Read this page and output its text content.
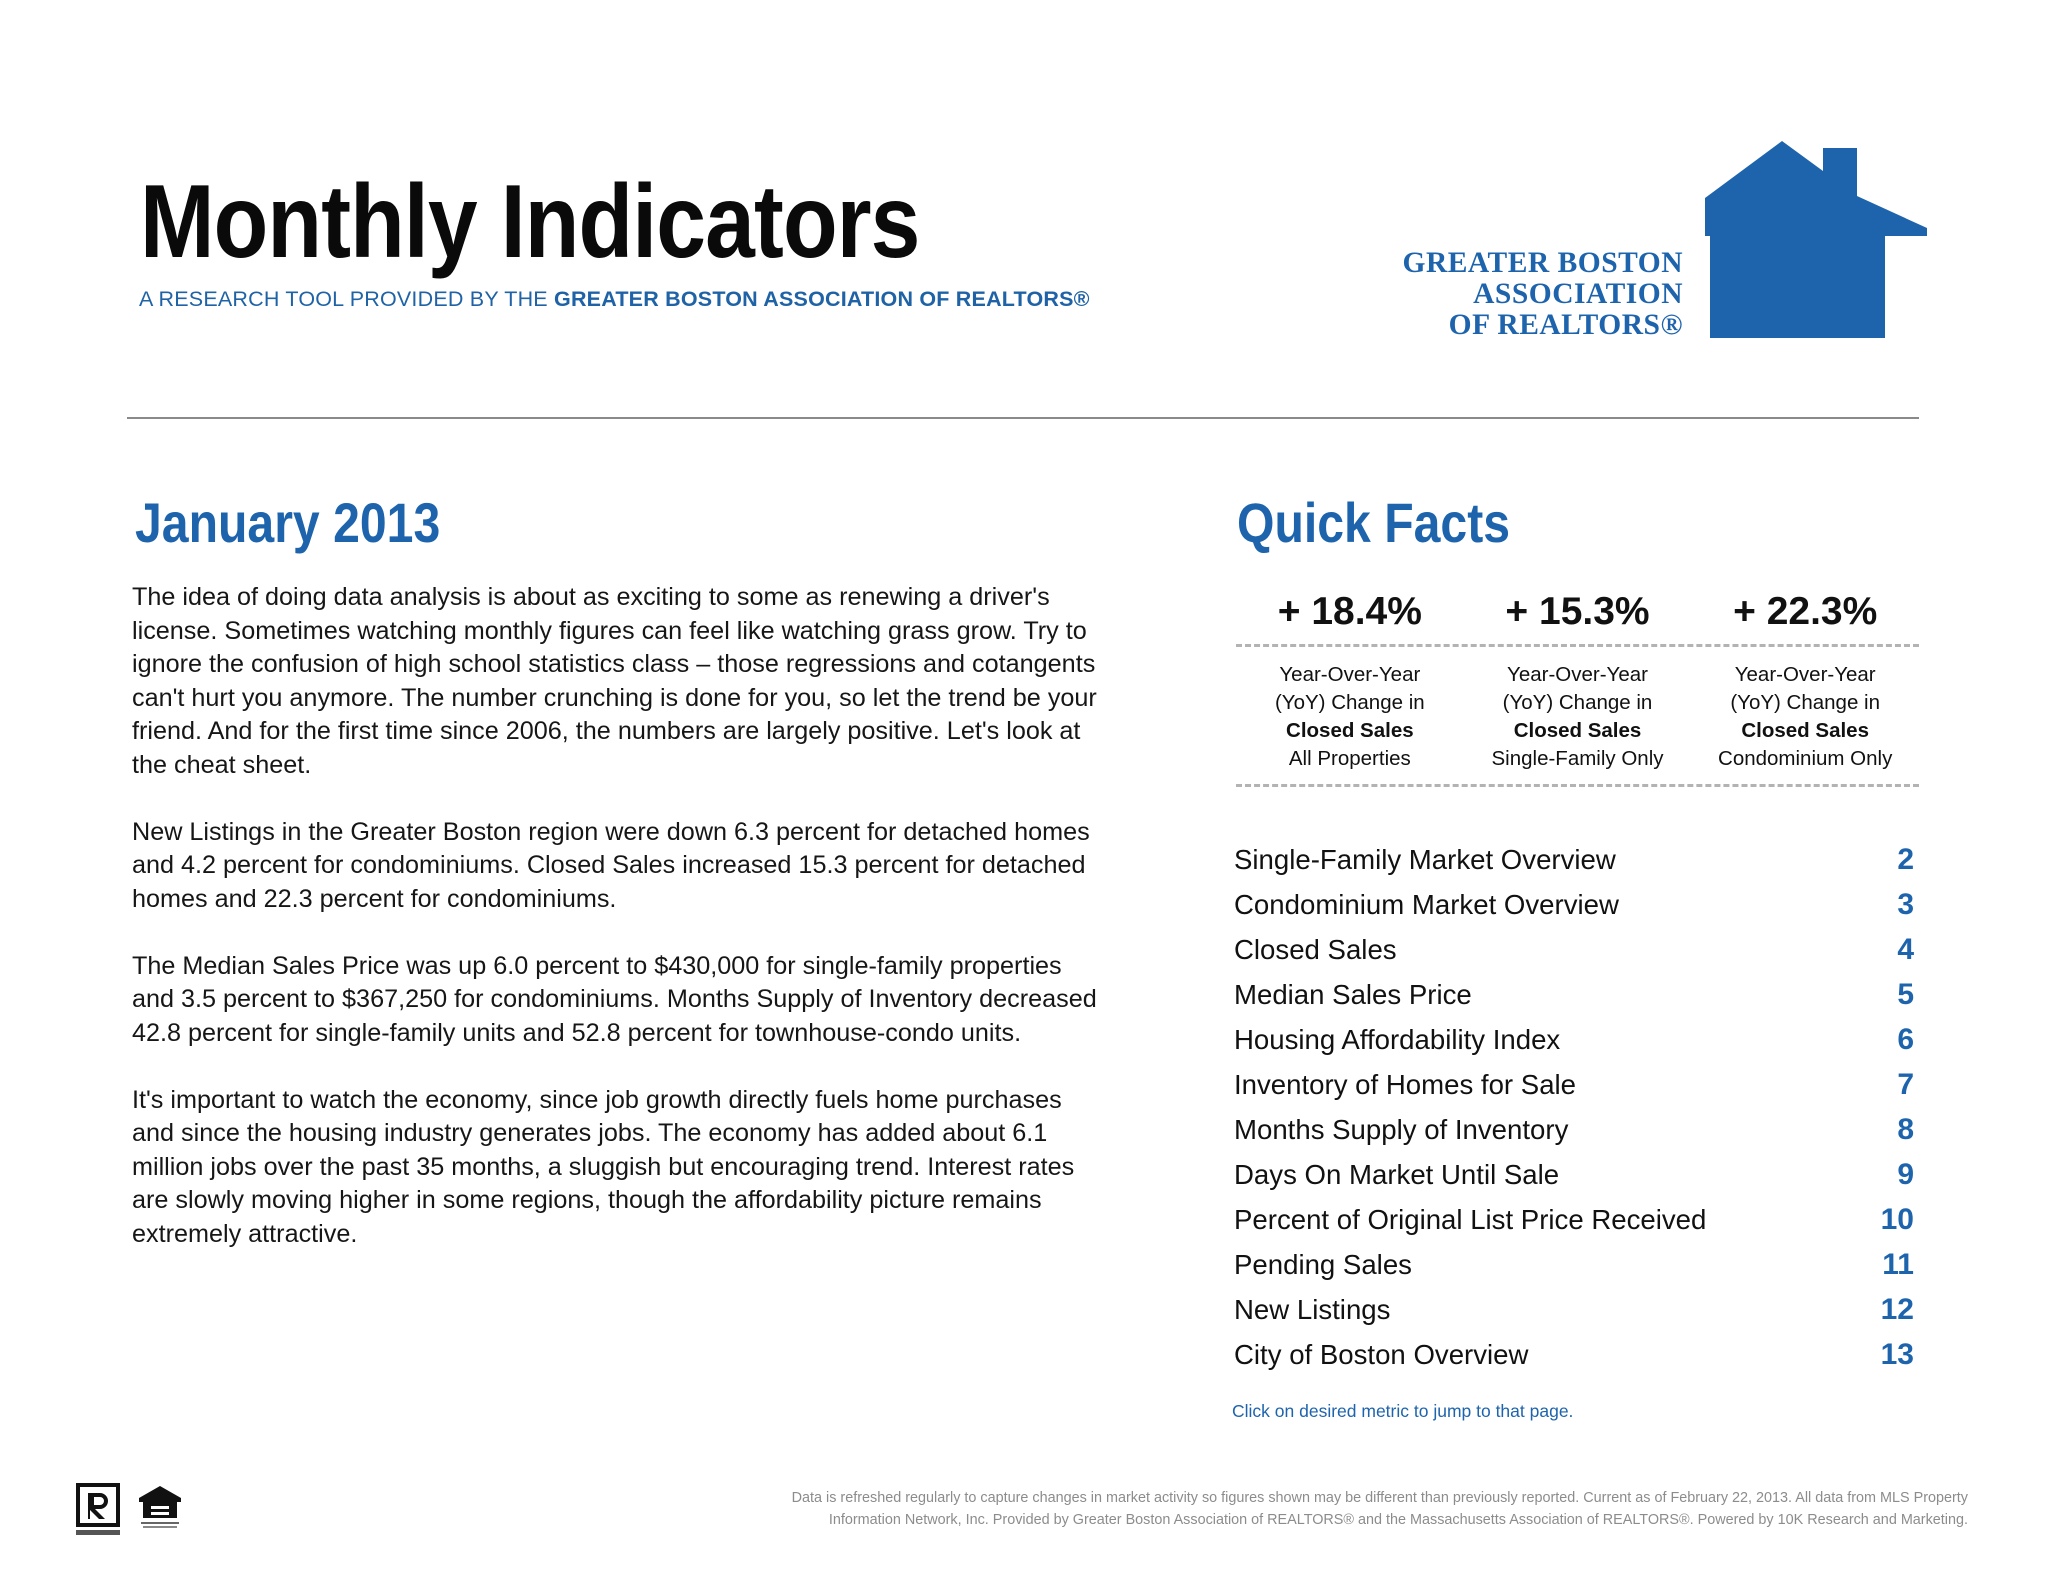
Monthly Indicators
A RESEARCH TOOL PROVIDED BY THE GREATER BOSTON ASSOCIATION OF REALTORS®
GREATER BOSTON
ASSOCIATION
OF REALTORS®
January 2013

The idea of doing data analysis is about as exciting to some as renewing a driver's license. Sometimes watching monthly figures can feel like watching grass grow. Try to ignore the confusion of high school statistics class – those regressions and cotangents can't hurt you anymore. The number crunching is done for you, so let the trend be your friend. And for the first time since 2006, the numbers are largely positive. Let's look at the cheat sheet.

New Listings in the Greater Boston region were down 6.3 percent for detached homes and 4.2 percent for condominiums. Closed Sales increased 15.3 percent for detached homes and 22.3 percent for condominiums.

The Median Sales Price was up 6.0 percent to $430,000 for single-family properties and 3.5 percent to $367,250 for condominiums. Months Supply of Inventory decreased 42.8 percent for single-family units and 52.8 percent for townhouse-condo units.

It's important to watch the economy, since job growth directly fuels home purchases and since the housing industry generates jobs. The economy has added about 6.1 million jobs over the past 35 months, a sluggish but encouraging trend. Interest rates are slowly moving higher in some regions, though the affordability picture remains extremely attractive.

Quick Facts
+ 18.4%	+ 15.3%	+ 22.3%
Year-Over-Year
(YoY) Change in
Closed Sales
All Properties
Year-Over-Year
(YoY) Change in
Closed Sales
Single-Family Only
Year-Over-Year
(YoY) Change in
Closed Sales
Condominium Only
Single-Family Market Overview	2
Condominium Market Overview	3
Closed Sales	4
Median Sales Price	5
Housing Affordability Index	6
Inventory of Homes for Sale	7
Months Supply of Inventory	8
Days On Market Until Sale	9
Percent of Original List Price Received	10
Pending Sales	11
New Listings	12
City of Boston Overview	13
Click on desired metric to jump to that page.
Data is refreshed regularly to capture changes in market activity so figures shown may be different than previously reported. Current as of February 22, 2013. All data from MLS Property
Information Network, Inc. Provided by Greater Boston Association of REALTORS® and the Massachusetts Association of REALTORS®. Powered by 10K Research and Marketing.
